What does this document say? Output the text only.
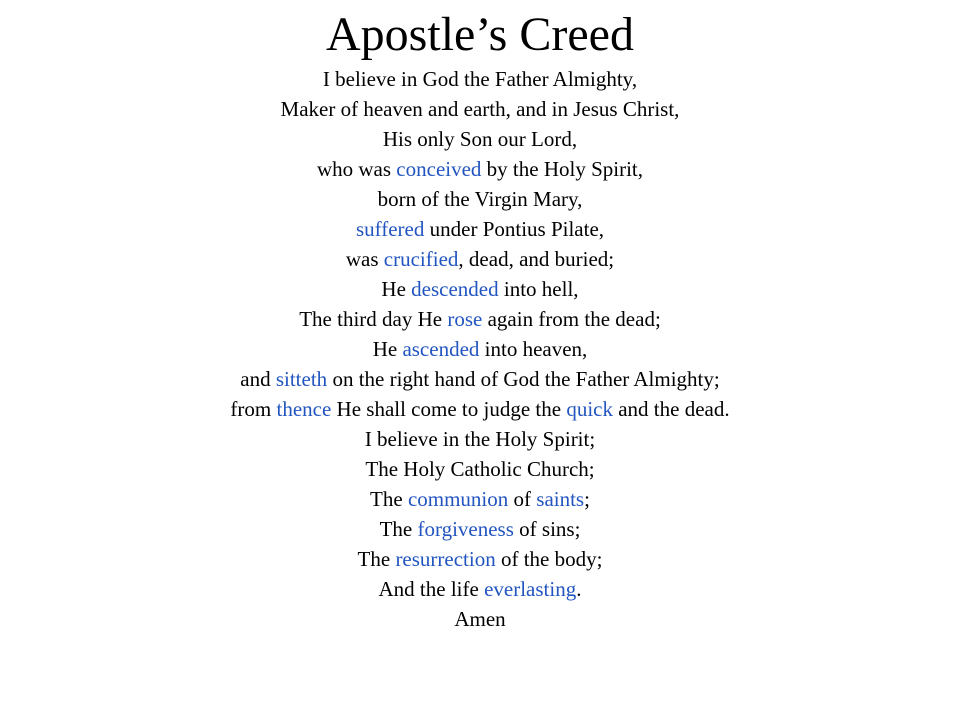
Apostle’s Creed
I believe in God the Father Almighty,
Maker of heaven and earth, and in Jesus Christ,
His only Son our Lord,
who was conceived by the Holy Spirit,
born of the Virgin Mary,
suffered under Pontius Pilate,
was crucified, dead, and buried;
He descended into hell,
The third day He rose again from the dead;
He ascended into heaven,
and sitteth on the right hand of God the Father Almighty;
from thence He shall come to judge the quick and the dead.
I believe in the Holy Spirit;
The Holy Catholic Church;
The communion of saints;
The forgiveness of sins;
The resurrection of the body;
And the life everlasting.
Amen
